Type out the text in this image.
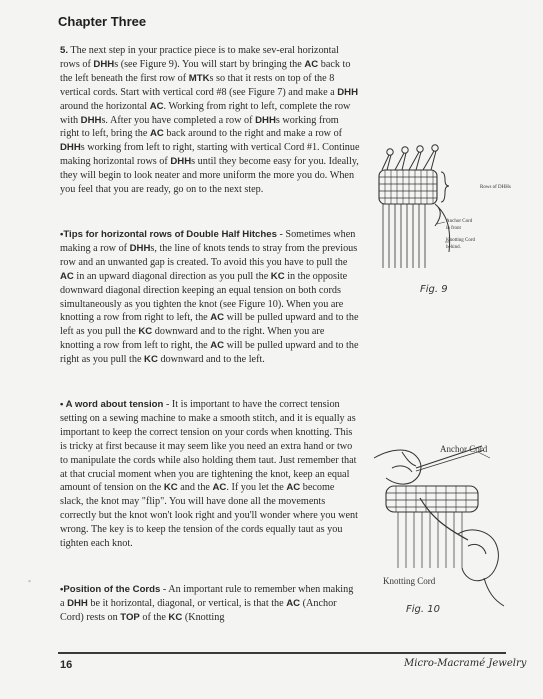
Chapter Three

5. The next step in your practice piece is to make sev-eral horizontal rows of DHHs (see Figure 9). You will start by bringing the AC back to the left beneath the first row of MTKs so that it rests on top of the 8 vertical cords. Start with vertical cord #8 (see Figure 7) and make a DHH around the horizontal AC. Working from right to left, complete the row with DHHs. After you have completed a row of DHHs working from right to left, bring the AC back around to the right and make a row of DHHs working from left to right, starting with vertical Cord #1. Continue making horizontal rows of DHHs until they become easy for you. Ideally, they will begin to look neater and more uniform the more you do. When you feel that you are ready, go on to the next step.

•Tips for horizontal rows of Double Half Hitches - Sometimes when making a row of DHHs, the line of knots tends to stray from the previous row and an unwanted gap is created. To avoid this you have to pull the AC in an upward diagonal direction as you pull the KC in the opposite downward diagonal direction keeping an equal tension on both cords simultaneously as you tighten the knot (see Figure 10). When you are knotting a row from right to left, the AC will be pulled upward and to the left as you pull the KC downward and to the right. When you are knotting a row from left to right, the AC will be pulled upward and to the right as you pull the KC downward and to the left.

• A word about tension - It is important to have the correct tension setting on a sewing machine to make a smooth stitch, and it is equally as important to keep the correct tension on your cords when knotting. This is tricky at first because it may seem like you need an extra hand or two to manipulate the cords while also holding them taut. Just remember that at that crucial moment when you are tightening the knot, keep an equal amount of tension on the KC and the AC. If you let the AC become slack, the knot may "flip". You will have done all the movements correctly but the knot won't look right and you'll wonder where you went wrong. The key is to keep the tension of the cords equally taut as you tighten each knot.

•Position of the Cords - An important rule to remember when making a DHH be it horizontal, diagonal, or vertical, is that the AC (Anchor Cord) rests on TOP of the KC (Knotting

*
Rows of DHHs
Anchor Cord
in front
Knotting Cord
behind.
Fig. 9
Anchor Cord
Knotting Cord
Fig. 10
16	Micro-Macramé Jewelry
